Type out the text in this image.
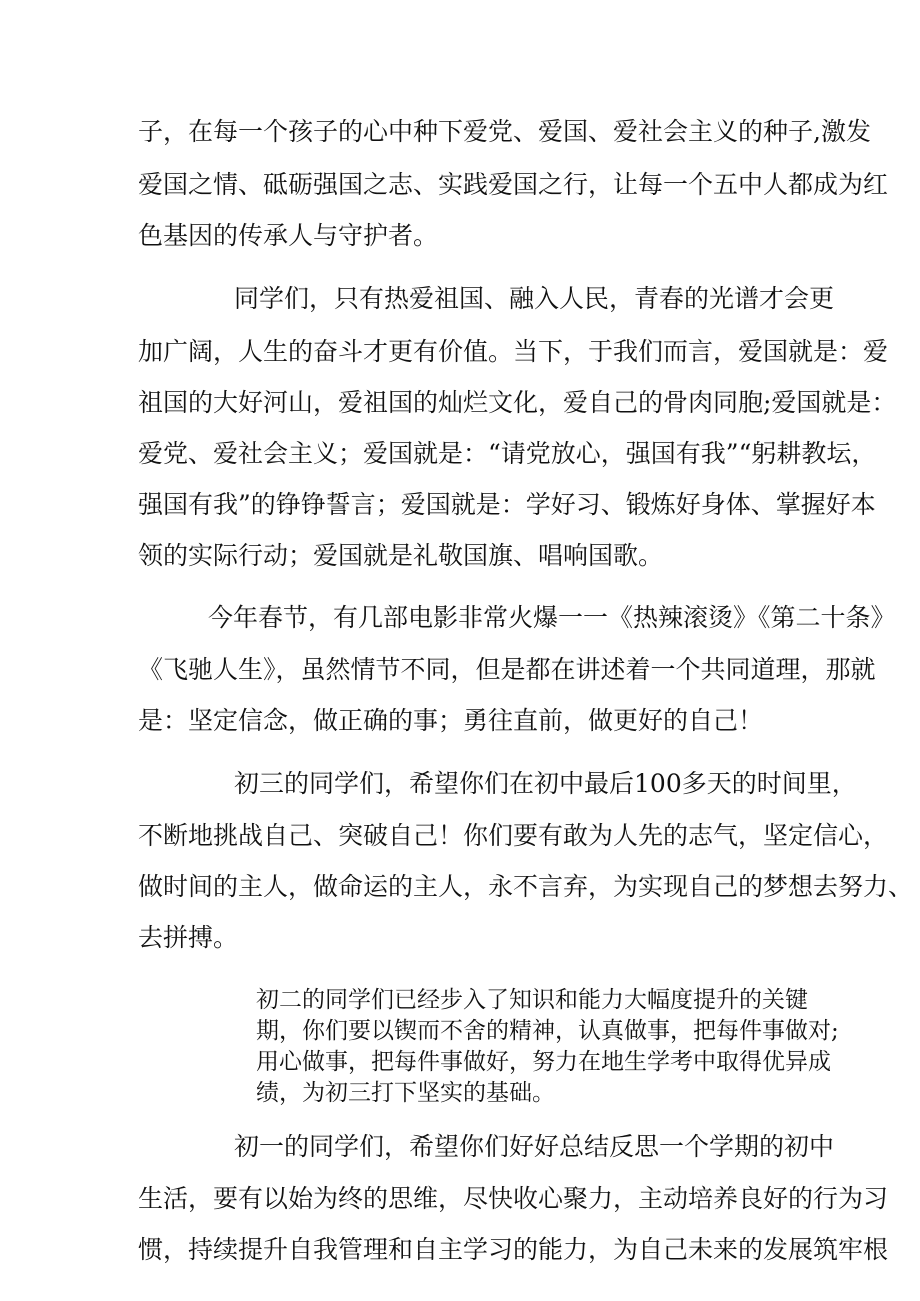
子，在每一个孩子的心中种下爱党、爱国、爱社会主义的种子,激发
爱国之情、砥砺强国之志、实践爱国之行，让每一个五中人都成为红
色基因的传承人与守护者。
同学们，只有热爱祖国、融入人民，青春的光谱才会更
加广阔，人生的奋斗才更有价值。当下，于我们而言，爱国就是：爱
祖国的大好河山，爱祖国的灿烂文化，爱自己的骨肉同胞;爱国就是：
爱党、爱社会主义；爱国就是：“请党放心，强国有我”“躬耕教坛，
强国有我”的铮铮誓言；爱国就是：学好习、锻炼好身体、掌握好本
领的实际行动；爱国就是礼敬国旗、唱响国歌。
今年春节，有几部电影非常火爆一一《热辣滚烫》《第二十条》
《飞驰人生》，虽然情节不同，但是都在讲述着一个共同道理，那就
是：坚定信念，做正确的事；勇往直前，做更好的自己！
初三的同学们，希望你们在初中最后100多天的时间里，
不断地挑战自己、突破自己！你们要有敢为人先的志气，坚定信心，
做时间的主人，做命运的主人，永不言弃，为实现自己的梦想去努力、
去拼搏。
初二的同学们已经步入了知识和能力大幅度提升的关键
期，你们要以锲而不舍的精神，认真做事，把每件事做对;
用心做事，把每件事做好，努力在地生学考中取得优异成
绩，为初三打下坚实的基础。
初一的同学们，希望你们好好总结反思一个学期的初中
生活，要有以始为终的思维，尽快收心聚力，主动培养良好的行为习
惯，持续提升自我管理和自主学习的能力，为自己未来的发展筑牢根
